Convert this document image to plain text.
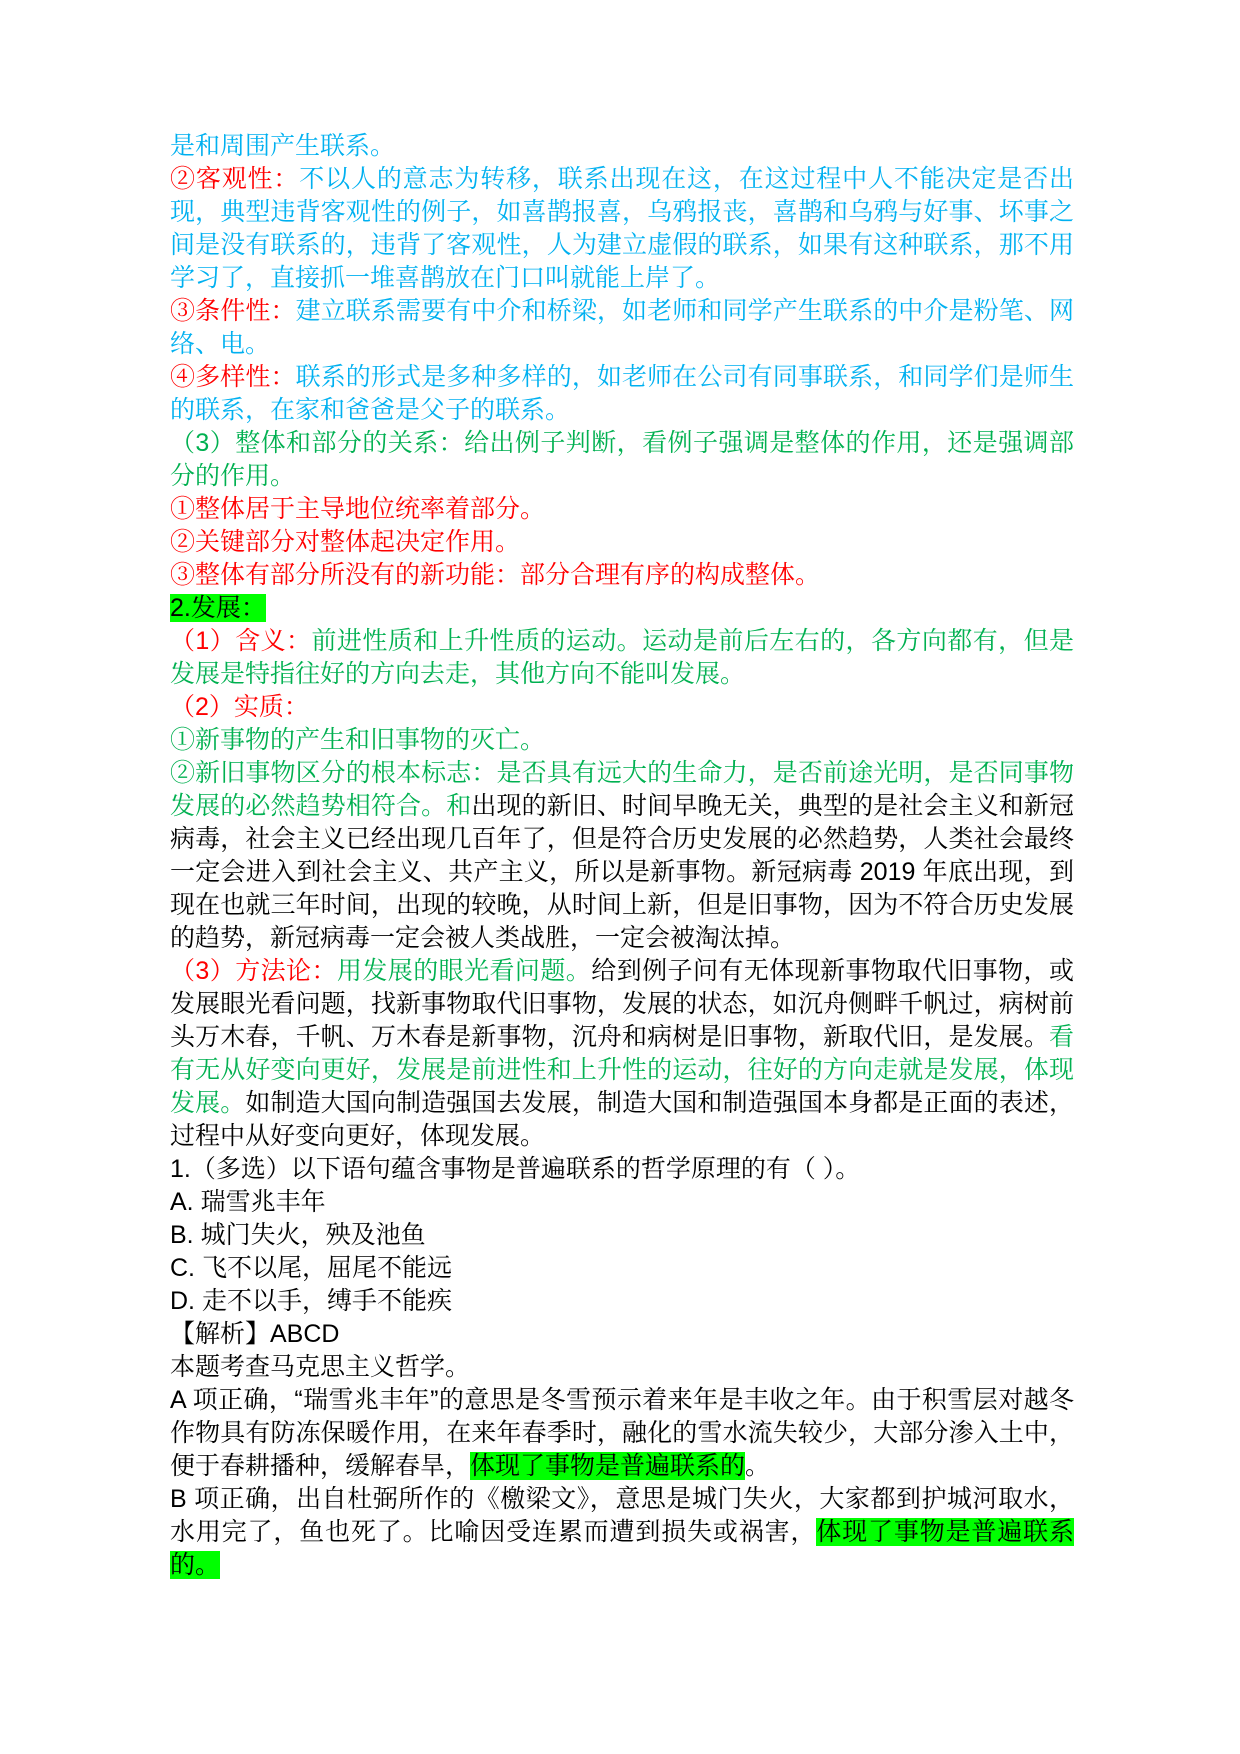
是和周围产生联系。

②客观性：不以人的意志为转移，联系出现在这，在这过程中人不能决定是否出现，典型违背客观性的例子，如喜鹊报喜，乌鸦报丧，喜鹊和乌鸦与好事、坏事之间是没有联系的，违背了客观性，人为建立虚假的联系，如果有这种联系，那不用学习了，直接抓一堆喜鹊放在门口叫就能上岸了。

③条件性：建立联系需要有中介和桥梁，如老师和同学产生联系的中介是粉笔、网络、电。

④多样性：联系的形式是多种多样的，如老师在公司有同事联系，和同学们是师生的联系，在家和爸爸是父子的联系。

（3）整体和部分的关系：给出例子判断，看例子强调是整体的作用，还是强调部分的作用。

①整体居于主导地位统率着部分。

②关键部分对整体起决定作用。

③整体有部分所没有的新功能：部分合理有序的构成整体。

2.发展：

（1）含义：前进性质和上升性质的运动。运动是前后左右的，各方向都有，但是发展是特指往好的方向去走，其他方向不能叫发展。

（2）实质：

①新事物的产生和旧事物的灭亡。

②新旧事物区分的根本标志：是否具有远大的生命力，是否前途光明，是否同事物发展的必然趋势相符合。和出现的新旧、时间早晚无关，典型的是社会主义和新冠病毒，社会主义已经出现几百年了，但是符合历史发展的必然趋势，人类社会最终一定会进入到社会主义、共产主义，所以是新事物。新冠病毒 2019 年底出现，到现在也就三年时间，出现的较晚，从时间上新，但是旧事物，因为不符合历史发展的趋势，新冠病毒一定会被人类战胜，一定会被淘汰掉。

（3）方法论：用发展的眼光看问题。给到例子问有无体现新事物取代旧事物，或发展眼光看问题，找新事物取代旧事物，发展的状态，如沉舟侧畔千帆过，病树前头万木春，千帆、万木春是新事物，沉舟和病树是旧事物，新取代旧，是发展。看有无从好变向更好，发展是前进性和上升性的运动，往好的方向走就是发展，体现发展。如制造大国向制造强国去发展，制造大国和制造强国本身都是正面的表述，过程中从好变向更好，体现发展。

1.（多选）以下语句蕴含事物是普遍联系的哲学原理的有（ ）。

A. 瑞雪兆丰年

B. 城门失火，殃及池鱼

C. 飞不以尾，屈尾不能远

D. 走不以手，缚手不能疾

【解析】ABCD

本题考查马克思主义哲学。

A 项正确，“瑞雪兆丰年”的意思是冬雪预示着来年是丰收之年。由于积雪层对越冬作物具有防冻保暖作用，在来年春季时，融化的雪水流失较少，大部分渗入土中，便于春耕播种，缓解春旱，体现了事物是普遍联系的。

B 项正确，出自杜弼所作的《檄梁文》，意思是城门失火，大家都到护城河取水，水用完了，鱼也死了。比喻因受连累而遭到损失或祸害，体现了事物是普遍联系的。
